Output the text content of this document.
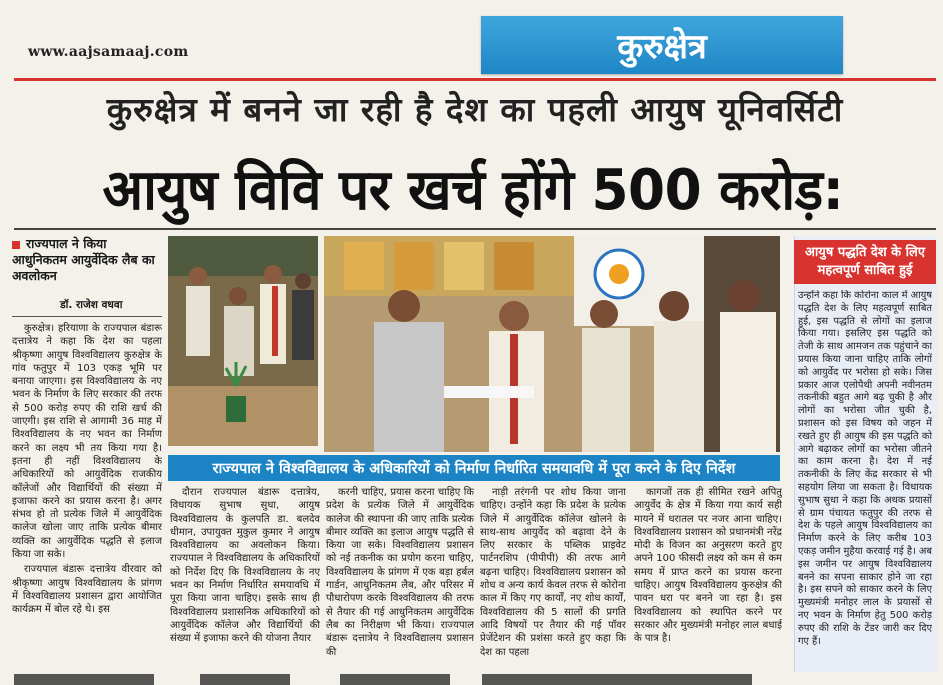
www.aajsamaaj.com	कुरुक्षेत्र
कुरुक्षेत्र में बनने जा रही है देश का पहली आयुष यूनिवर्सिटी
आयुष विवि पर खर्च होंगे 500 करोड़:
राज्यपाल ने किया आधुनिकतम आयुर्वेदिक लैब का अवलोकन
डॉ. राजेश वधवा

कुरुक्षेत्र। हरियाणा के राज्यपाल बंडारू दत्तात्रेय ने कहा कि देश का पहला श्रीकृष्णा आयुष विश्वविद्यालय कुरुक्षेत्र के गांव फतुपुर में 103 एकड़ भूमि पर बनाया जाएगा। इस विश्वविद्यालय के नए भवन के निर्माण के लिए सरकार की तरफ से 500 करोड़ रुपए की राशि खर्च की जाएगी। इस राशि से आगामी 36 माह में विश्वविद्यालय के नए भवन का निर्माण करने का लक्ष्य भी तय किया गया है। इतना ही नहीं विश्वविद्यालय के अधिकारियों को आयुर्वेदिक राजकीय कॉलेजों और विद्यार्थियों की संख्या में इजाफा करने का प्रयास करना है। अगर संभव हो तो प्रत्येक जिले में आयुर्वेदिक कालेज खोला जाए ताकि प्रत्येक बीमार व्यक्ति का आयुर्वेदिक पद्धति से इलाज किया जा सके।

राज्यपाल बंडारू दत्तात्रेय वीरवार को श्रीकृष्णा आयुष विश्वविद्यालय के प्रांगण में विश्वविद्यालय प्रशासन द्वारा आयोजित कार्यक्रम में बोल रहे थे। इस

राज्यपाल ने विश्वविद्यालय के अधिकारियों को निर्माण निर्धारित समयावधि में पूरा करने के दिए निर्देश

दौरान राज्यपाल बंडारू दत्तात्रेय, विधायक सुभाष सुधा, आयुष विश्वविद्यालय के कुलपति डा. बलदेव धीमान, उपायुक्त मुकुल कुमार ने आयुष विश्वविद्यालय का अवलोकन किया। राज्यपाल ने विश्वविद्यालय के अधिकारियों को निर्देश दिए कि विश्वविद्यालय के नए भवन का निर्माण निर्धारित समयावधि में पूरा किया जाना चाहिए। इसके साथ ही विश्वविद्यालय प्रशासनिक अधिकारियों को आयुर्वेदिक कॉलेज और विद्यार्थियों की संख्या में इजाफा करने की योजना तैयार

करनी चाहिए, प्रयास करना चाहिए कि प्रदेश के प्रत्येक जिले में आयुर्वेदिक कालेज की स्थापना की जाए ताकि प्रत्येक बीमार व्यक्ति का इलाज आयुष पद्धति से किया जा सके। विश्वविद्यालय प्रशासन को नई तकनीक का प्रयोग करना चाहिए, विश्वविद्यालय के प्रांगण में एक बड़ा हर्बल गार्डन, आधुनिकतम लैब, और परिसर में पौधारोपण करके विश्वविद्यालय की तरफ से तैयार की गई आधुनिकतम आयुर्वेदिक लैब का निरीक्षण भी किया। राज्यपाल बंडारू दत्तात्रेय ने विश्वविद्यालय प्रशासन की

नाड़ी तरंगनी पर शोध किया जाना चाहिए। उन्होंने कहा कि प्रदेश के प्रत्येक जिले में आयुर्वेदिक कॉलेज खोलने के साथ-साथ आयुर्वेद को बढ़ावा देने के लिए सरकार के पब्लिक प्राइवेट पार्टनरशिप (पीपीपी) की तरफ आगे बढ़ना चाहिए। विश्वविद्यालय प्रशासन को शोध व अन्य कार्य केवल तरफ से कोरोना काल में किए गए कार्यों, नए शोध कार्यों, विश्वविद्यालय की 5 सालों की प्रगति आदि विषयों पर तैयार की गई पॉवर प्रेजेंटेशन की प्रशंसा करते हुए कहा कि देश का पहला

कागजों तक ही सीमित रखने अपितु आयुर्वेद के क्षेत्र में किया गया कार्य सही मायने में धरातल पर नजर आना चाहिए। विश्वविद्यालय प्रशासन को प्रधानमंत्री नरेंद्र मोदी के विजन का अनुसरण करते हुए अपने 100 फीसदी लक्ष्य को कम से कम समय में प्राप्त करने का प्रयास करना चाहिए। आयुष विश्वविद्यालय कुरुक्षेत्र की पावन धरा पर बनने जा रहा है। इस विश्वविद्यालय को स्थापित करने पर सरकार और मुख्यमंत्री मनोहर लाल बधाई के पात्र है।

आयुष पद्धति देश के लिए महत्वपूर्ण साबित हुई
उन्होंने कहा कि कोरोना काल में आयुष पद्धति देश के लिए महत्वपूर्ण साबित हुई, इस पद्धति से लोगों का इलाज किया गया। इसलिए इस पद्धति को तेजी के साथ आमजन तक पहुंचाने का प्रयास किया जाना चाहिए ताकि लोगों को आयुर्वेद पर भरोसा हो सके। जिस प्रकार आज एलोपैथी अपनी नवीनतम तकनीकी बहुत आगे बढ़ चुकी है और लोगों का भरोसा जीत चुकी है, प्रशासन को इस विषय को जहन में रखते हुए ही आयुष की इस पद्धति को आगे बढ़ाकर लोगों का भरोसा जीतने का काम करना है। देश में नई तकनीकी के लिए केंद्र सरकार से भी सहयोग लिया जा सकता है। विधायक सुभाष सुधा ने कहा कि अथक प्रयासों से ग्राम पंचायत फतुपुर की तरफ से देश के पहले आयुष विश्वविद्यालय का निर्माण करने के लिए करीब 103 एकड़ जमीन मुहैया करवाई गई है। अब इस जमीन पर आयुष विश्वविद्यालय बनने का सपना साकार होने जा रहा है। इस सपने को साकार करने के लिए मुख्यमंत्री मनोहर लाल के प्रयासों से नए भवन के निर्माण हेतु 500 करोड़ रुपए की राशि के टेंडर जारी कर दिए गए हैं।
